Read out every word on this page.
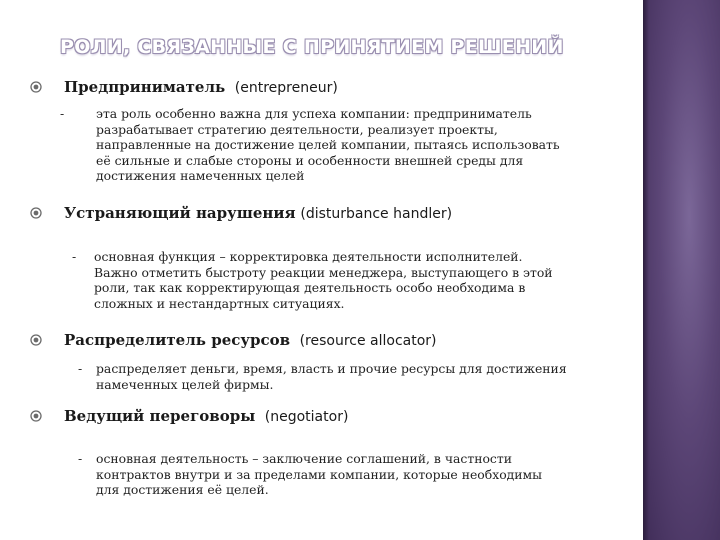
РОЛИ, СВЯЗАННЫЕ С ПРИНЯТИЕМ РЕШЕНИЙ
Предприниматель (entrepreneur)
-	эта роль особенно важна для успеха компании: предприниматель
разрабатывает стратегию деятельности, реализует проекты,
направленные на достижение целей компании, пытаясь использовать
её сильные и слабые стороны и особенности внешней среды для
достижения намеченных целей
Устраняющий нарушения (disturbance handler)
- основная функция – корректировка деятельности исполнителей.
Важно отметить быстроту реакции менеджера, выступающего в этой
роли, так как корректирующая деятельность особо необходима в
сложных и нестандартных ситуациях.
Распределитель ресурсов (resource allocator)
- распределяет деньги, время, власть и прочие ресурсы для достижения
намеченных целей фирмы.
Ведущий переговоры (negotiator)
- основная деятельность – заключение соглашений, в частности
контрактов внутри и за пределами компании, которые необходимы
для достижения её целей.
